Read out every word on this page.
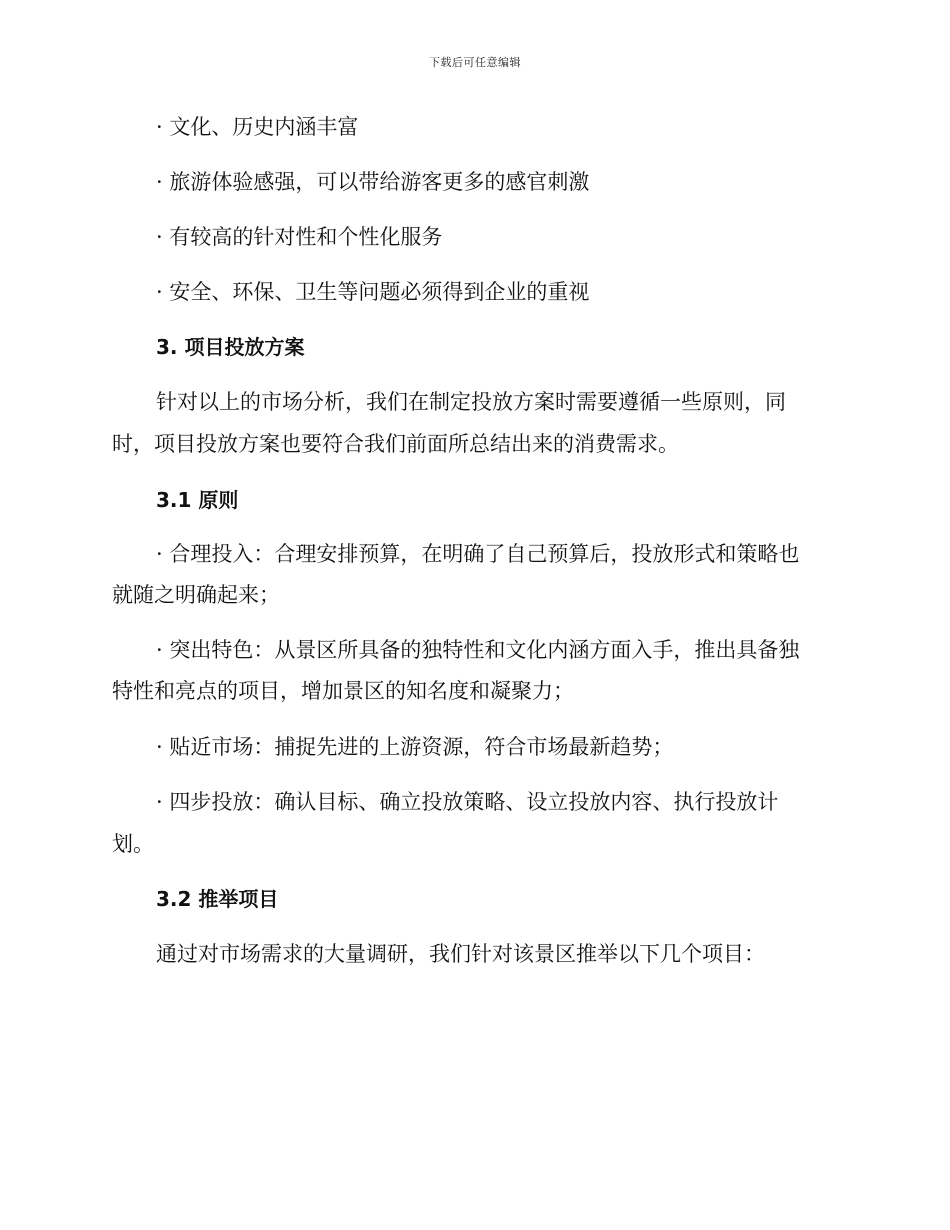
下载后可任意编辑
· 文化、历史内涵丰富
· 旅游体验感强，可以带给游客更多的感官刺激
· 有较高的针对性和个性化服务
· 安全、环保、卫生等问题必须得到企业的重视
3. 项目投放方案
针对以上的市场分析，我们在制定投放方案时需要遵循一些原则，同
时，项目投放方案也要符合我们前面所总结出来的消费需求。
3.1 原则
· 合理投入：合理安排预算，在明确了自己预算后，投放形式和策略也
就随之明确起来；
· 突出特色：从景区所具备的独特性和文化内涵方面入手，推出具备独
特性和亮点的项目，增加景区的知名度和凝聚力；
· 贴近市场：捕捉先进的上游资源，符合市场最新趋势；
· 四步投放：确认目标、确立投放策略、设立投放内容、执行投放计
划。
3.2 推举项目
通过对市场需求的大量调研，我们针对该景区推举以下几个项目：
